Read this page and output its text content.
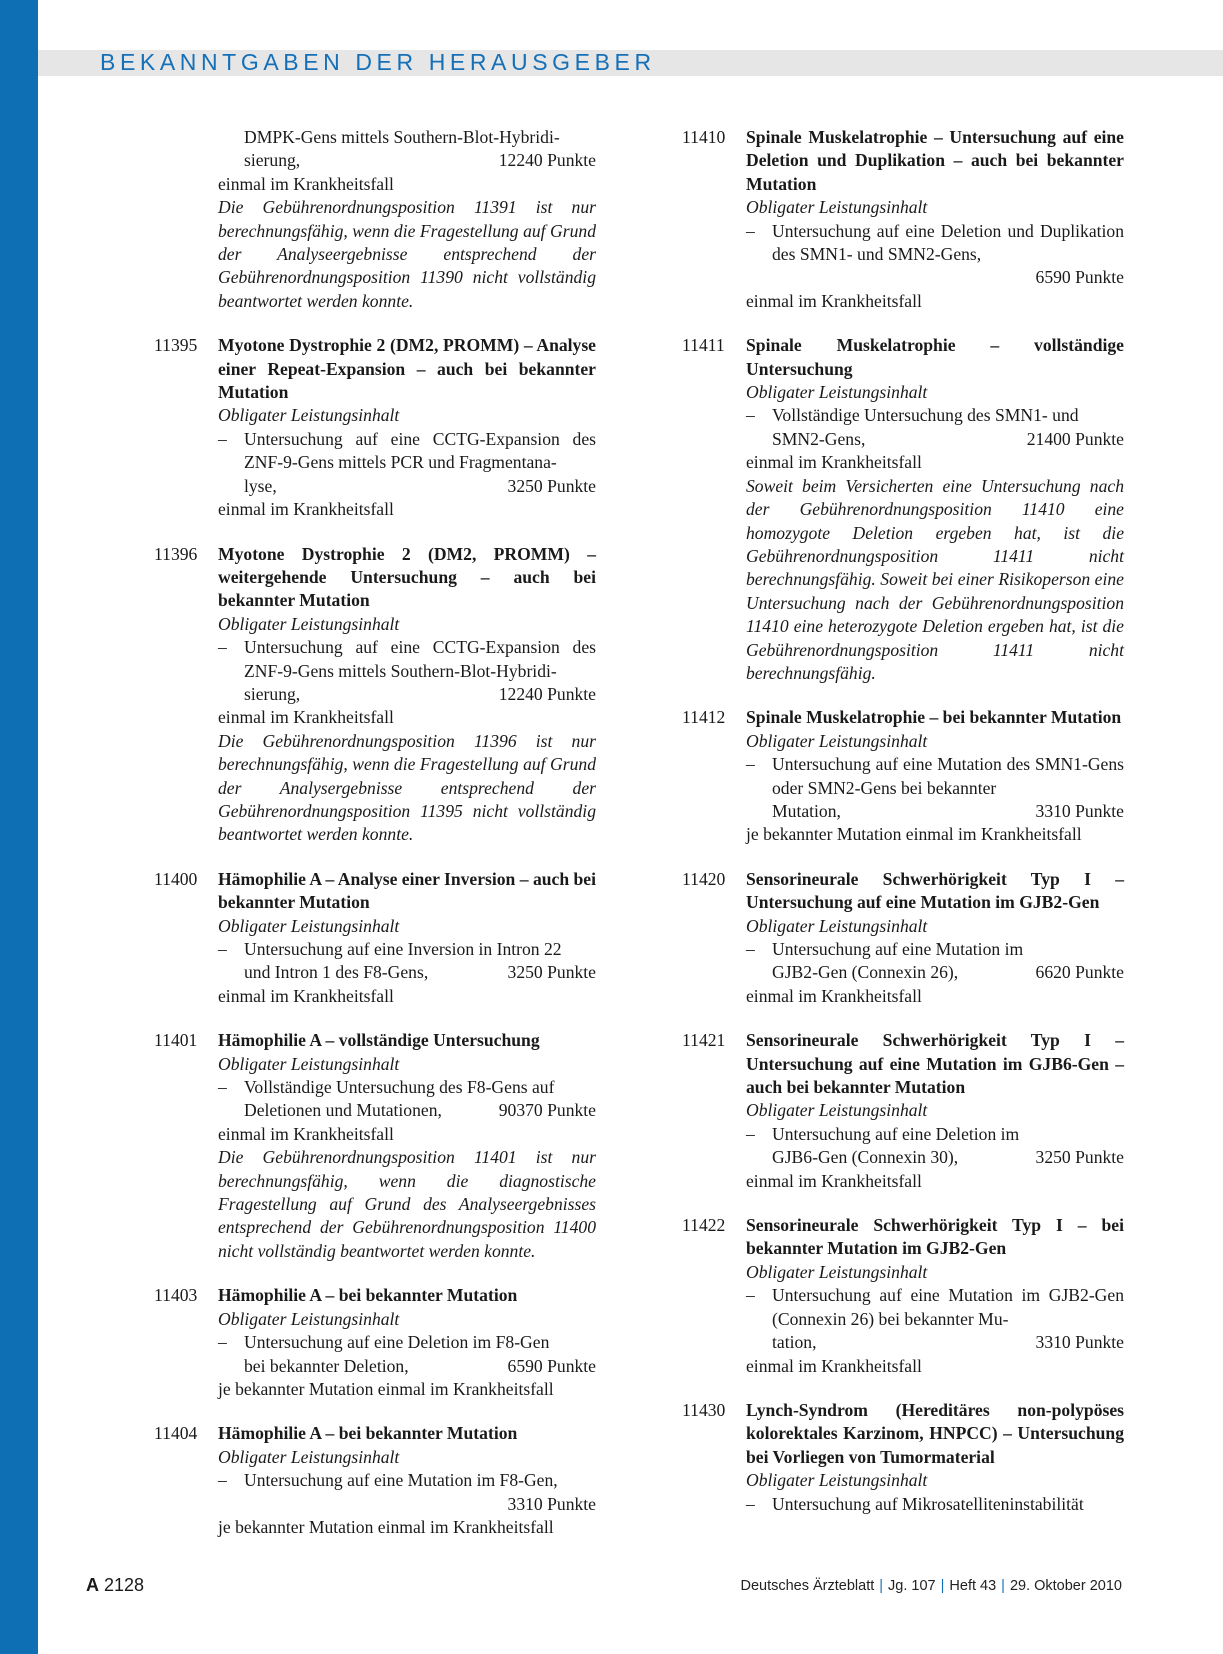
BEKANNTGABEN DER HERAUSGEBER
DMPK-Gens mittels Southern-Blot-Hybridi-
sierung,	12240 Punkte
einmal im Krankheitsfall
Die Gebührenordnungsposition 11391 ist nur berechnungsfähig, wenn die Fragestellung auf Grund der Analyseergebnisse entsprechend der Gebührenordnungsposition 11390 nicht vollständig beantwortet werden konnte.
11395	Myotone Dystrophie 2 (DM2, PROMM) – Analyse einer Repeat-Expansion – auch bei bekannter Mutation
Obligater Leistungsinhalt
– Untersuchung auf eine CCTG-Expansion des ZNF-9-Gens mittels PCR und Fragmentana-
lyse,	3250 Punkte
einmal im Krankheitsfall
11396	Myotone Dystrophie 2 (DM2, PROMM) – weitergehende Untersuchung – auch bei bekannter Mutation
Obligater Leistungsinhalt
– Untersuchung auf eine CCTG-Expansion des ZNF-9-Gens mittels Southern-Blot-Hybridi-
sierung,	12240 Punkte
einmal im Krankheitsfall
Die Gebührenordnungsposition 11396 ist nur berechnungsfähig, wenn die Fragestellung auf Grund der Analysergebnisse entsprechend der Gebührenordnungsposition 11395 nicht vollständig beantwortet werden konnte.
11400	Hämophilie A – Analyse einer Inversion – auch bei bekannter Mutation
Obligater Leistungsinhalt
– Untersuchung auf eine Inversion in Intron 22
und Intron 1 des F8-Gens,	3250 Punkte
einmal im Krankheitsfall
11401	Hämophilie A – vollständige Untersuchung
Obligater Leistungsinhalt
– Vollständige Untersuchung des F8-Gens auf
Deletionen und Mutationen,	90370 Punkte
einmal im Krankheitsfall
Die Gebührenordnungsposition 11401 ist nur berechnungsfähig, wenn die diagnostische Fragestellung auf Grund des Analyseergebnisses entsprechend der Gebührenordnungsposition 11400 nicht vollständig beantwortet werden konnte.
11403	Hämophilie A – bei bekannter Mutation
Obligater Leistungsinhalt
– Untersuchung auf eine Deletion im F8-Gen
bei bekannter Deletion,	6590 Punkte
je bekannter Mutation einmal im Krankheitsfall
11404	Hämophilie A – bei bekannter Mutation
Obligater Leistungsinhalt
– Untersuchung auf eine Mutation im F8-Gen,
3310 Punkte
je bekannter Mutation einmal im Krankheitsfall
11410	Spinale Muskelatrophie – Untersuchung auf eine Deletion und Duplikation – auch bei bekannter Mutation
Obligater Leistungsinhalt
– Untersuchung auf eine Deletion und Duplikation des SMN1- und SMN2-Gens,
6590 Punkte
einmal im Krankheitsfall
11411	Spinale Muskelatrophie – vollständige Untersuchung
Obligater Leistungsinhalt
– Vollständige Untersuchung des SMN1- und
SMN2-Gens,	21400 Punkte
einmal im Krankheitsfall
Soweit beim Versicherten eine Untersuchung nach der Gebührenordnungsposition 11410 eine homozygote Deletion ergeben hat, ist die Gebührenordnungsposition 11411 nicht berechnungsfähig. Soweit bei einer Risikoperson eine Untersuchung nach der Gebührenordnungsposition 11410 eine heterozygote Deletion ergeben hat, ist die Gebührenordnungsposition 11411 nicht berechnungsfähig.
11412	Spinale Muskelatrophie – bei bekannter Mutation
Obligater Leistungsinhalt
– Untersuchung auf eine Mutation des SMN1-Gens oder SMN2-Gens bei bekannter
Mutation,	3310 Punkte
je bekannter Mutation einmal im Krankheitsfall
11420	Sensorineurale Schwerhörigkeit Typ I – Untersuchung auf eine Mutation im GJB2-Gen
Obligater Leistungsinhalt
– Untersuchung auf eine Mutation im
GJB2-Gen (Connexin 26),	6620 Punkte
einmal im Krankheitsfall
11421	Sensorineurale Schwerhörigkeit Typ I – Untersuchung auf eine Mutation im GJB6-Gen – auch bei bekannter Mutation
Obligater Leistungsinhalt
– Untersuchung auf eine Deletion im
GJB6-Gen (Connexin 30),	3250 Punkte
einmal im Krankheitsfall
11422	Sensorineurale Schwerhörigkeit Typ I – bei bekannter Mutation im GJB2-Gen
Obligater Leistungsinhalt
– Untersuchung auf eine Mutation im GJB2-Gen (Connexin 26) bei bekannter Mu-
tation,	3310 Punkte
einmal im Krankheitsfall
11430	Lynch-Syndrom (Hereditäres non-polypöses kolorektales Karzinom, HNPCC) – Untersuchung bei Vorliegen von Tumormaterial
Obligater Leistungsinhalt
– Untersuchung auf Mikrosatelliteninstabilität
A 2128	Deutsches Ärzteblatt | Jg. 107 | Heft 43 | 29. Oktober 2010
